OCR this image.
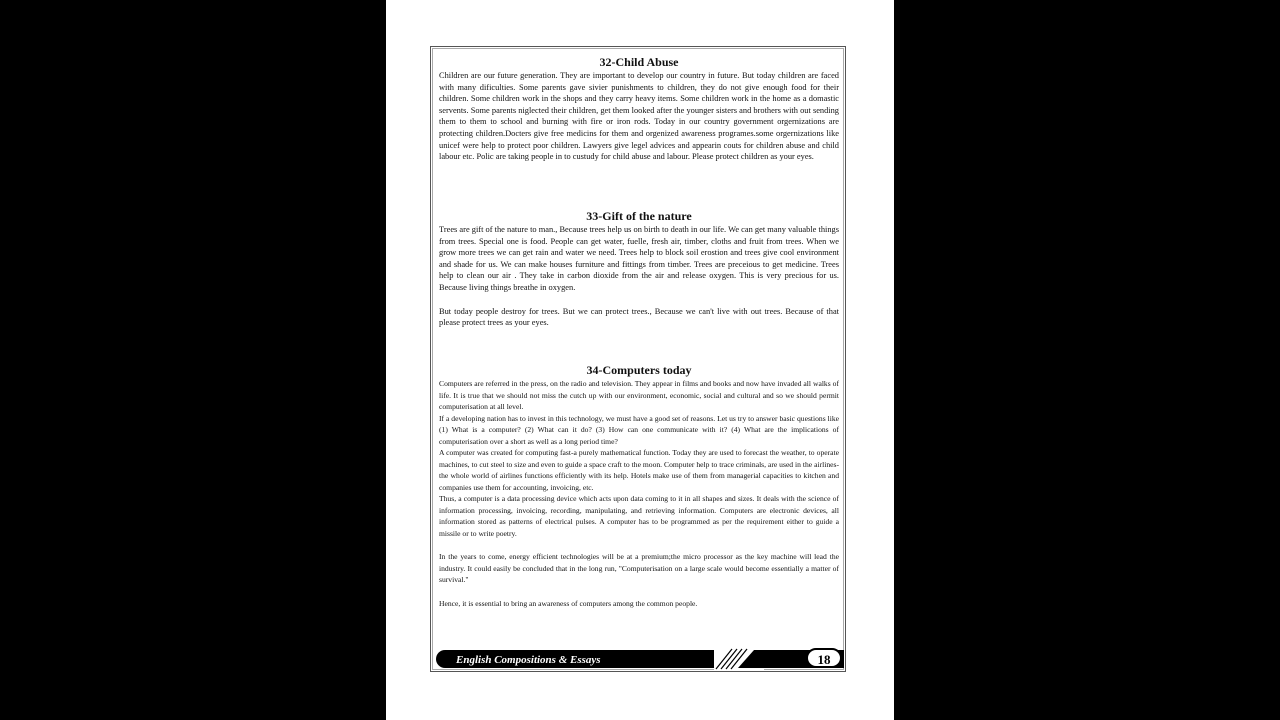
32-Child Abuse

Children are our future generation. They are important to develop our country in future. But today children are faced with many dificulties. Some parents gave sivier punishments to children, they do not give enough food for their children. Some children work in the shops and they carry heavy items. Some children work in the home as a domastic servents. Some parents niglected their children, get them looked after the younger sisters and brothers with out sending them to them to school and burning with fire or iron rods. Today in our country government orgernizations are protecting children.Docters give free medicins for them and orgenized awareness programes.some orgernizations like unicef were help to protect poor children. Lawyers give legel advices and appearin couts for children abuse and child labour etc. Polic are taking people in to custudy for child abuse and labour. Please protect children as your eyes.

33-Gift of the nature

Trees are gift of the nature to man., Because trees help us on birth to death in our life. We can get many valuable things from trees. Special one is food. People can get water, fuelle, fresh air, timber, cloths and fruit from trees. When we grow more trees we can get rain and water we need. Trees help to block soil erostion and trees give cool environment and shade for us. We can make houses furniture and fittings from timber. Trees are preceious to get medicine. Trees help to clean our air . They take in carbon dioxide from the air and release oxygen. This is very precious for us. Because living things breathe in oxygen.

But today people destroy for trees. But we can protect trees., Because we can't live with out trees. Because of that please protect trees as your eyes.

34-Computers today

Computers are referred in the press, on the radio and television. They appear in films and books and now have invaded all walks of life. It is true that we should not miss the cutch up with our environment, economic, social and cultural and so we should permit computerisation at all level.

If a developing nation has to invest in this technology, we must have a good set of reasons. Let us try to answer basic questions like (1) What is a computer? (2) What can it do? (3) How can one communicate with it? (4) What are the implications of computerisation over a short as well as a long period time?

A computer was created for computing fast-a purely mathematical function. Today they are used to forecast the weather, to operate machines, to cut steel to size and even to guide a space craft to the moon. Computer help to trace criminals, are used in the airlines-the whole world of airlines functions efficiently with its help. Hotels make use of them from managerial capacities to kitchen and companies use them for accounting, invoicing, etc.

Thus, a computer is a data processing device which acts upon data coming to it in all shapes and sizes. It deals with the science of information processing, invoicing, recording, manipulating, and retrieving information. Computers are electronic devices, all information stored as patterns of electrical pulses. A computer has to be programmed as per the requirement either to guide a missile or to write poetry.

In the years to come, energy efficient technologies will be at a premium;the micro processor as the key machine will lead the industry. It could easily be concluded that in the long run, "Computerisation on a large scale would become essentially a matter of survival."

Hence, it is essential to bring an awareness of computers among the common people.

English Compositions & Essays	18
